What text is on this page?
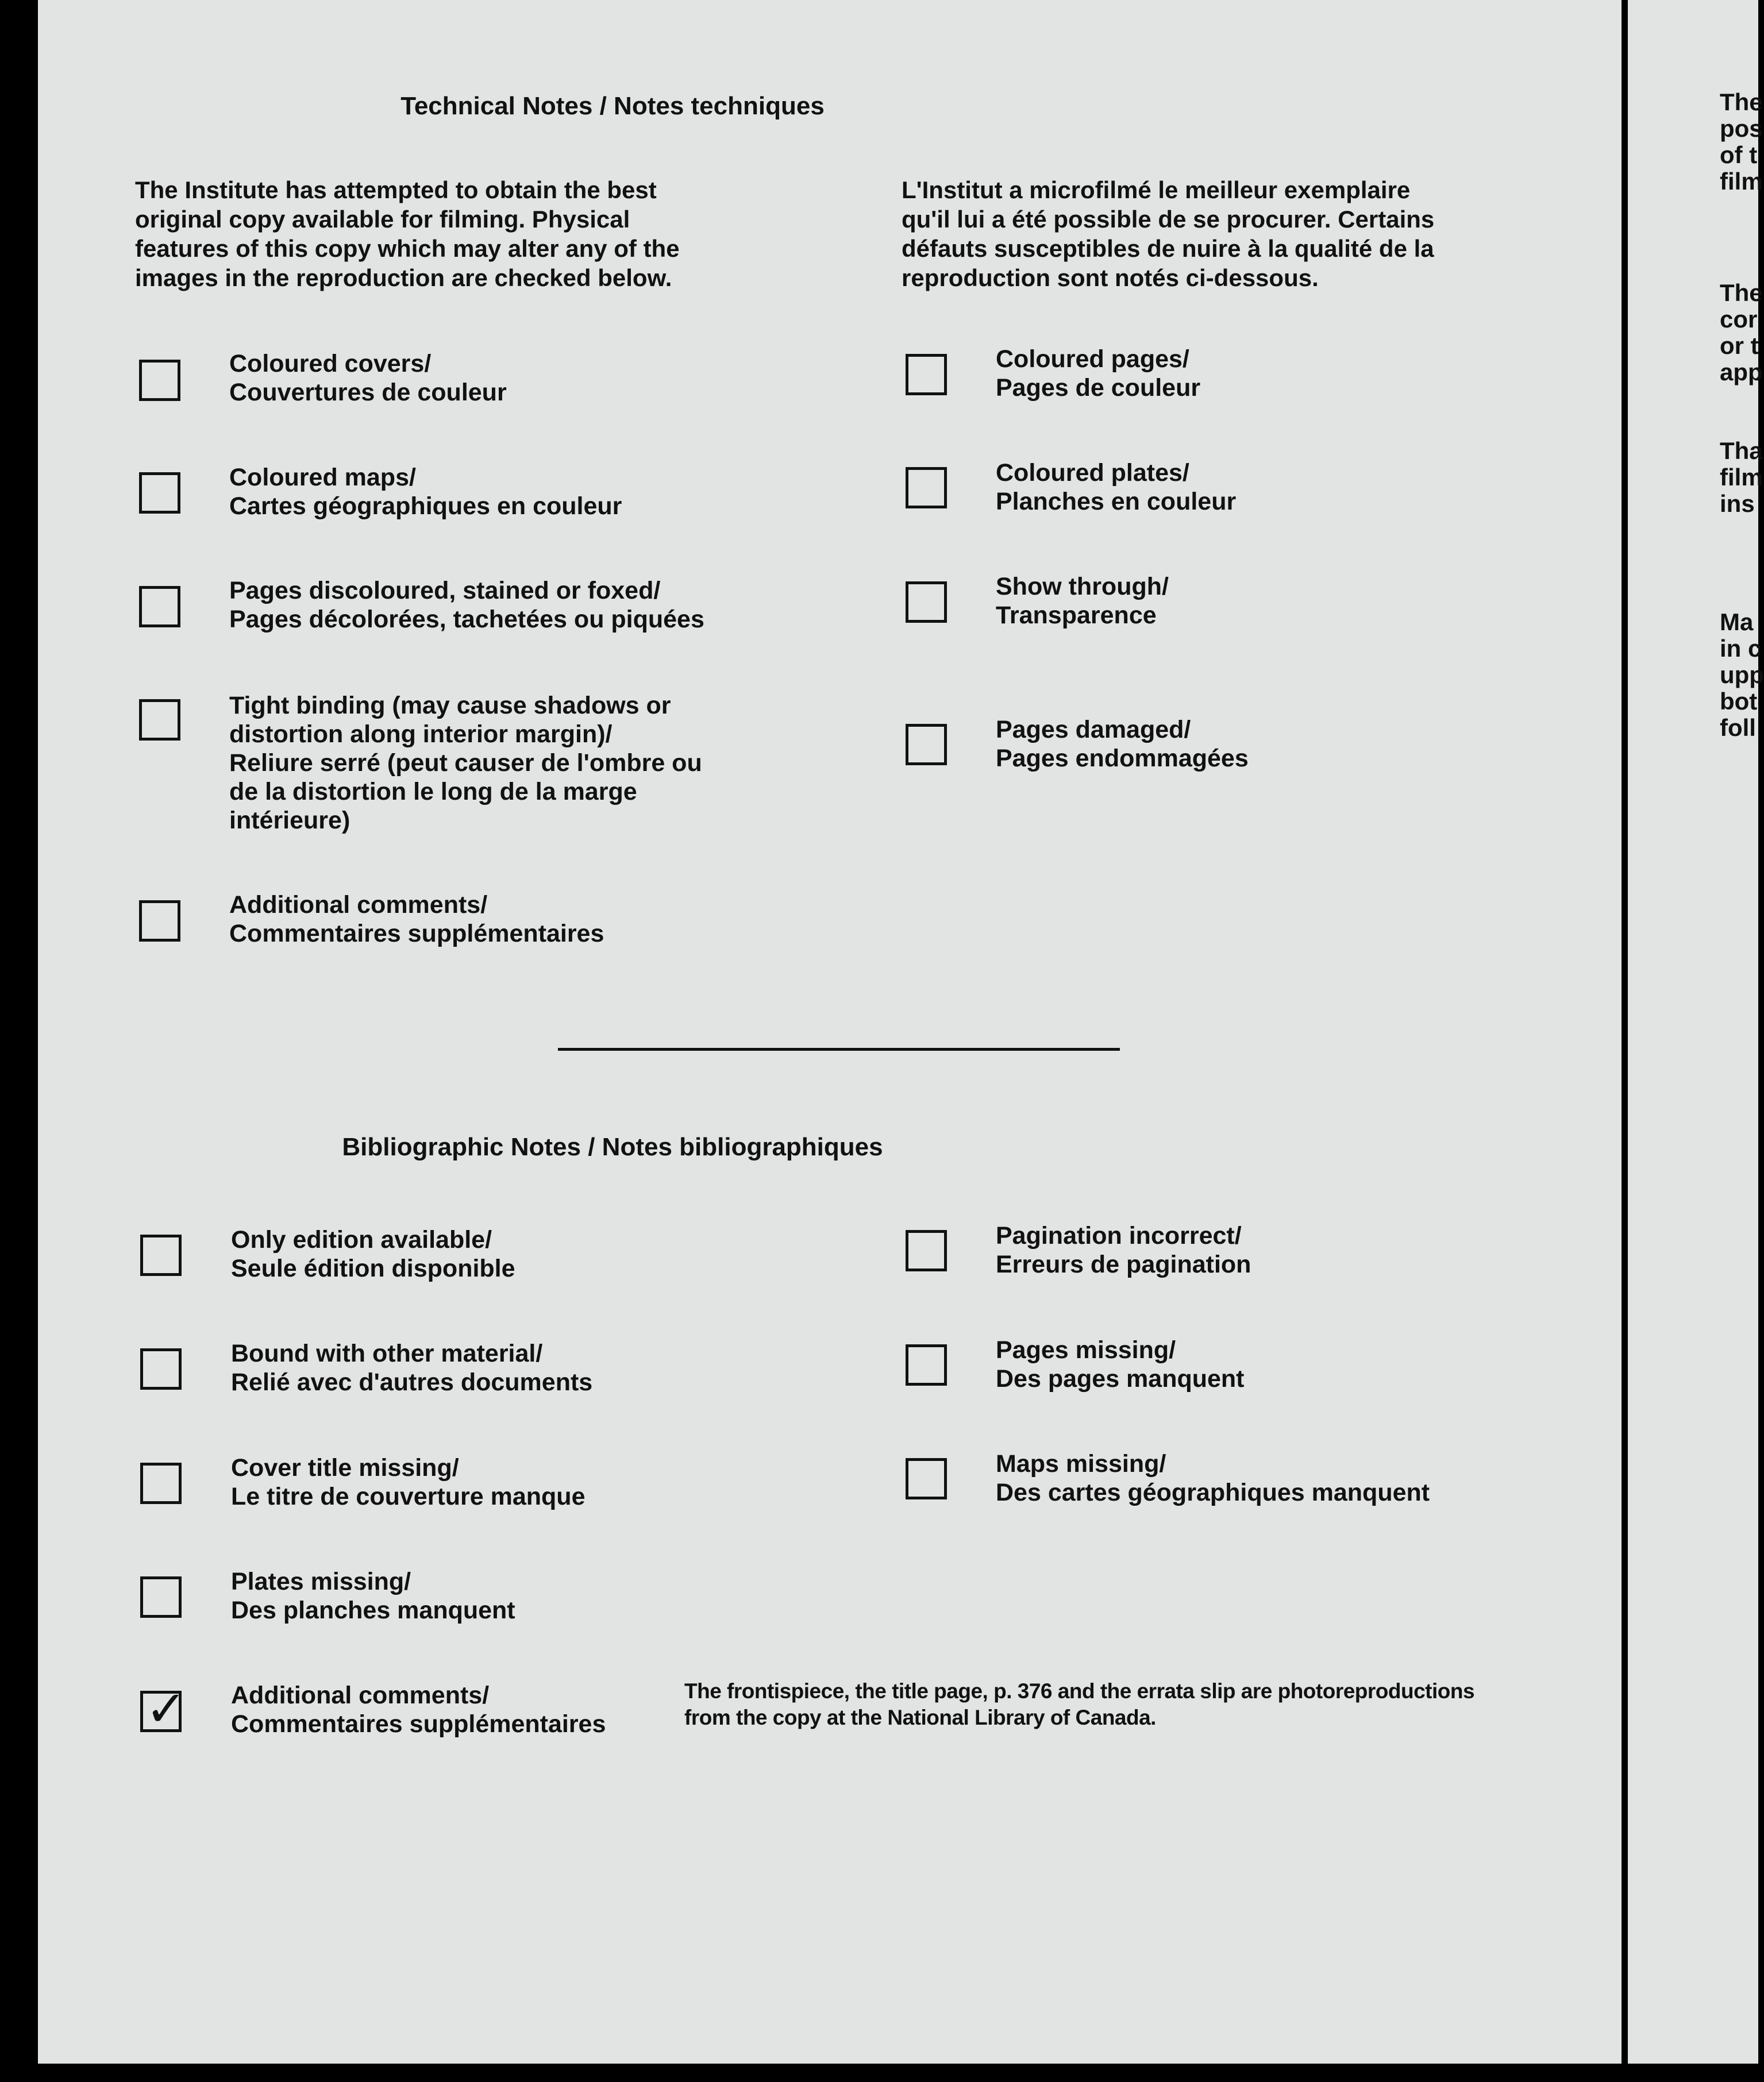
Technical Notes / Notes techniques
The Institute has attempted to obtain the best
original copy available for filming. Physical
features of this copy which may alter any of the
images in the reproduction are checked below.
L'Institut a microfilmé le meilleur exemplaire
qu'il lui a été possible de se procurer. Certains
défauts susceptibles de nuire à la qualité de la
reproduction sont notés ci-dessous.
Coloured covers/
Couvertures de couleur
Coloured maps/
Cartes géographiques en couleur
Pages discoloured, stained or foxed/
Pages décolorées, tachetées ou piquées
Tight binding (may cause shadows or
distortion along interior margin)/
Reliure serré (peut causer de l'ombre ou
de la distortion le long de la marge
intérieure)
Additional comments/
Commentaires supplémentaires
Coloured pages/
Pages de couleur
Coloured plates/
Planches en couleur
Show through/
Transparence
Pages damaged/
Pages endommagées
Bibliographic Notes / Notes bibliographiques
Only edition available/
Seule édition disponible
Bound with other material/
Relié avec d'autres documents
Cover title missing/
Le titre de couverture manque
Plates missing/
Des planches manquent
✓ Additional comments/
Commentaires supplémentaires
The frontispiece, the title page, p. 376 and the errata slip are photoreproductions
from the copy at the National Library of Canada.
Pagination incorrect/
Erreurs de pagination
Pages missing/
Des pages manquent
Maps missing/
Des cartes géographiques manquent
The
pos
of t
film
The
cor
or t
app
Tha
film
ins
Ma
in c
upp
bot
foll
